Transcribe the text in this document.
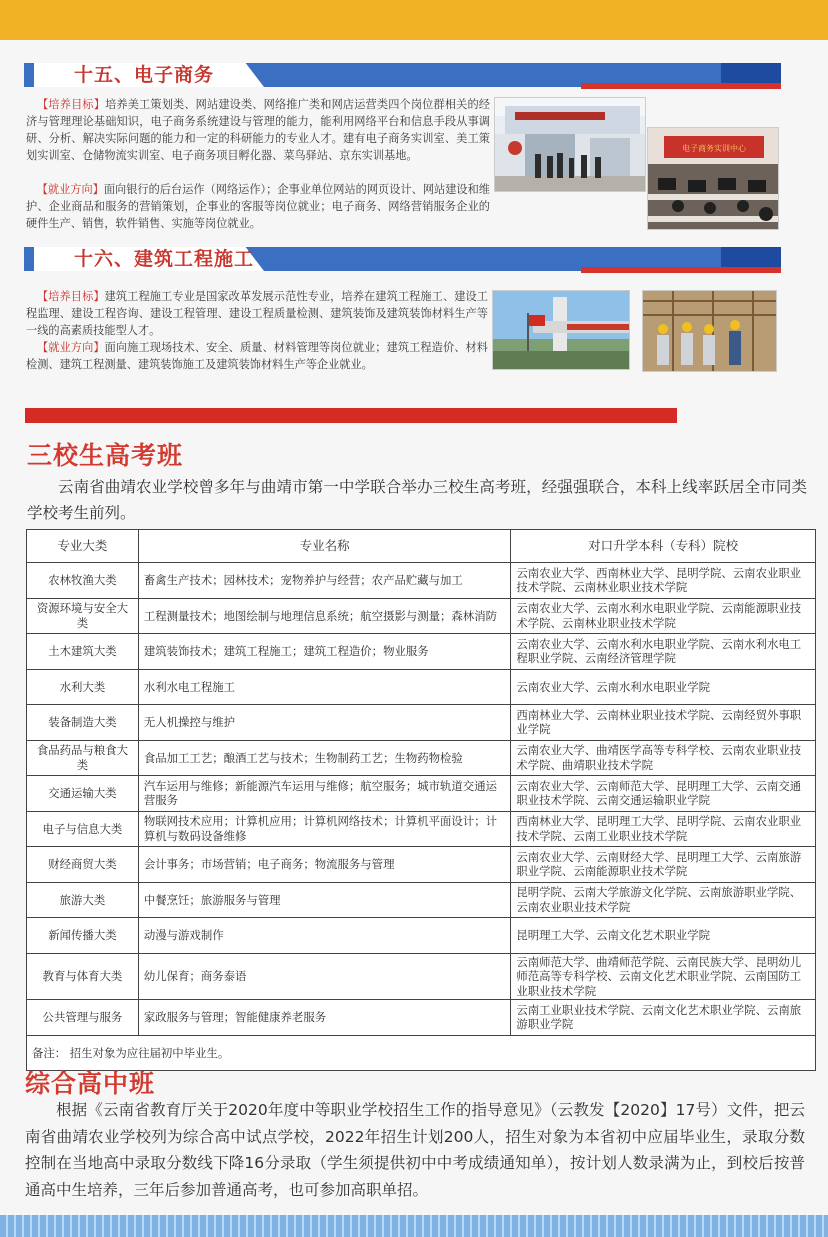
十五、电子商务
【培养目标】培养美工策划类、网站建设类、网络推广类和网店运营类四个岗位群相关的经济与管理理论基础知识，电子商务系统建设与管理的能力，能利用网络平台和信息手段从事调研、分析、解决实际问题的能力和一定的科研能力的专业人才。建有电子商务实训室、美工策划实训室、仓储物流实训室、电子商务项目孵化器、菜鸟驿站、京东实训基地。
【就业方向】面向银行的后台运作（网络运作）；企事业单位网站的网页设计、网站建设和维护、企业商品和服务的营销策划，企事业的客服等岗位就业；电子商务、网络营销服务企业的硬件生产、销售，软件销售、实施等岗位就业。
电子商务实训中心
十六、建筑工程施工
【培养目标】建筑工程施工专业是国家改革发展示范性专业，培养在建筑工程施工、建设工程监理、建设工程咨询、建设工程管理、建设工程质量检测、建筑装饰及建筑装饰材料生产等一线的高素质技能型人才。
【就业方向】面向施工现场技术、安全、质量、材料管理等岗位就业；建筑工程造价、材料检测、建筑工程测量、建筑装饰施工及建筑装饰材料生产等企业就业。
三校生高考班
云南省曲靖农业学校曾多年与曲靖市第一中学联合举办三校生高考班，经强强联合，本科上线率跃居全市同类学校考生前列。
专业大类	专业名称	对口升学本科（专科）院校
农林牧渔大类	畜禽生产技术；园林技术；宠物养护与经营；农产品贮藏与加工	云南农业大学、西南林业大学、昆明学院、云南农业职业技术学院、云南林业职业技术学院
资源环境与安全大类	工程测量技术；地图绘制与地理信息系统；航空摄影与测量；森林消防	云南农业大学、云南水利水电职业学院、云南能源职业技术学院、云南林业职业技术学院
土木建筑大类	建筑装饰技术；建筑工程施工；建筑工程造价；物业服务	云南农业大学、云南水利水电职业学院、云南水利水电工程职业学院、云南经济管理学院
水利大类	水利水电工程施工	云南农业大学、云南水利水电职业学院
装备制造大类	无人机操控与维护	西南林业大学、云南林业职业技术学院、云南经贸外事职业学院
食品药品与粮食大类	食品加工工艺；酿酒工艺与技术；生物制药工艺；生物药物检验	云南农业大学、曲靖医学高等专科学校、云南农业职业技术学院、曲靖职业技术学院
交通运输大类	汽车运用与维修；新能源汽车运用与维修；航空服务；城市轨道交通运营服务	云南农业大学、云南师范大学、昆明理工大学、云南交通职业技术学院、云南交通运输职业学院
电子与信息大类	物联网技术应用；计算机应用；计算机网络技术；计算机平面设计；计算机与数码设备维修	西南林业大学、昆明理工大学、昆明学院、云南农业职业技术学院、云南工业职业技术学院
财经商贸大类	会计事务；市场营销；电子商务；物流服务与管理	云南农业大学、云南财经大学、昆明理工大学、云南旅游职业学院、云南能源职业技术学院
旅游大类	中餐烹饪；旅游服务与管理	昆明学院、云南大学旅游文化学院、云南旅游职业学院、云南农业职业技术学院
新闻传播大类	动漫与游戏制作	昆明理工大学、云南文化艺术职业学院
教育与体育大类	幼儿保育；商务泰语	云南师范大学、曲靖师范学院、云南民族大学、昆明幼儿师范高等专科学校、云南文化艺术职业学院、云南国防工业职业技术学院
公共管理与服务	家政服务与管理；智能健康养老服务	云南工业职业技术学院、云南文化艺术职业学院、云南旅游职业学院
备注： 招生对象为应往届初中毕业生。		
综合高中班
根据《云南省教育厅关于2020年度中等职业学校招生工作的指导意见》（云教发【2020】17号）文件，把云南省曲靖农业学校列为综合高中试点学校，2022年招生计划200人，招生对象为本省初中应届毕业生，录取分数控制在当地高中录取分数线下降16分录取（学生须提供初中中考成绩通知单），按计划人数录满为止，到校后按普通高中生培养，三年后参加普通高考，也可参加高职单招。
